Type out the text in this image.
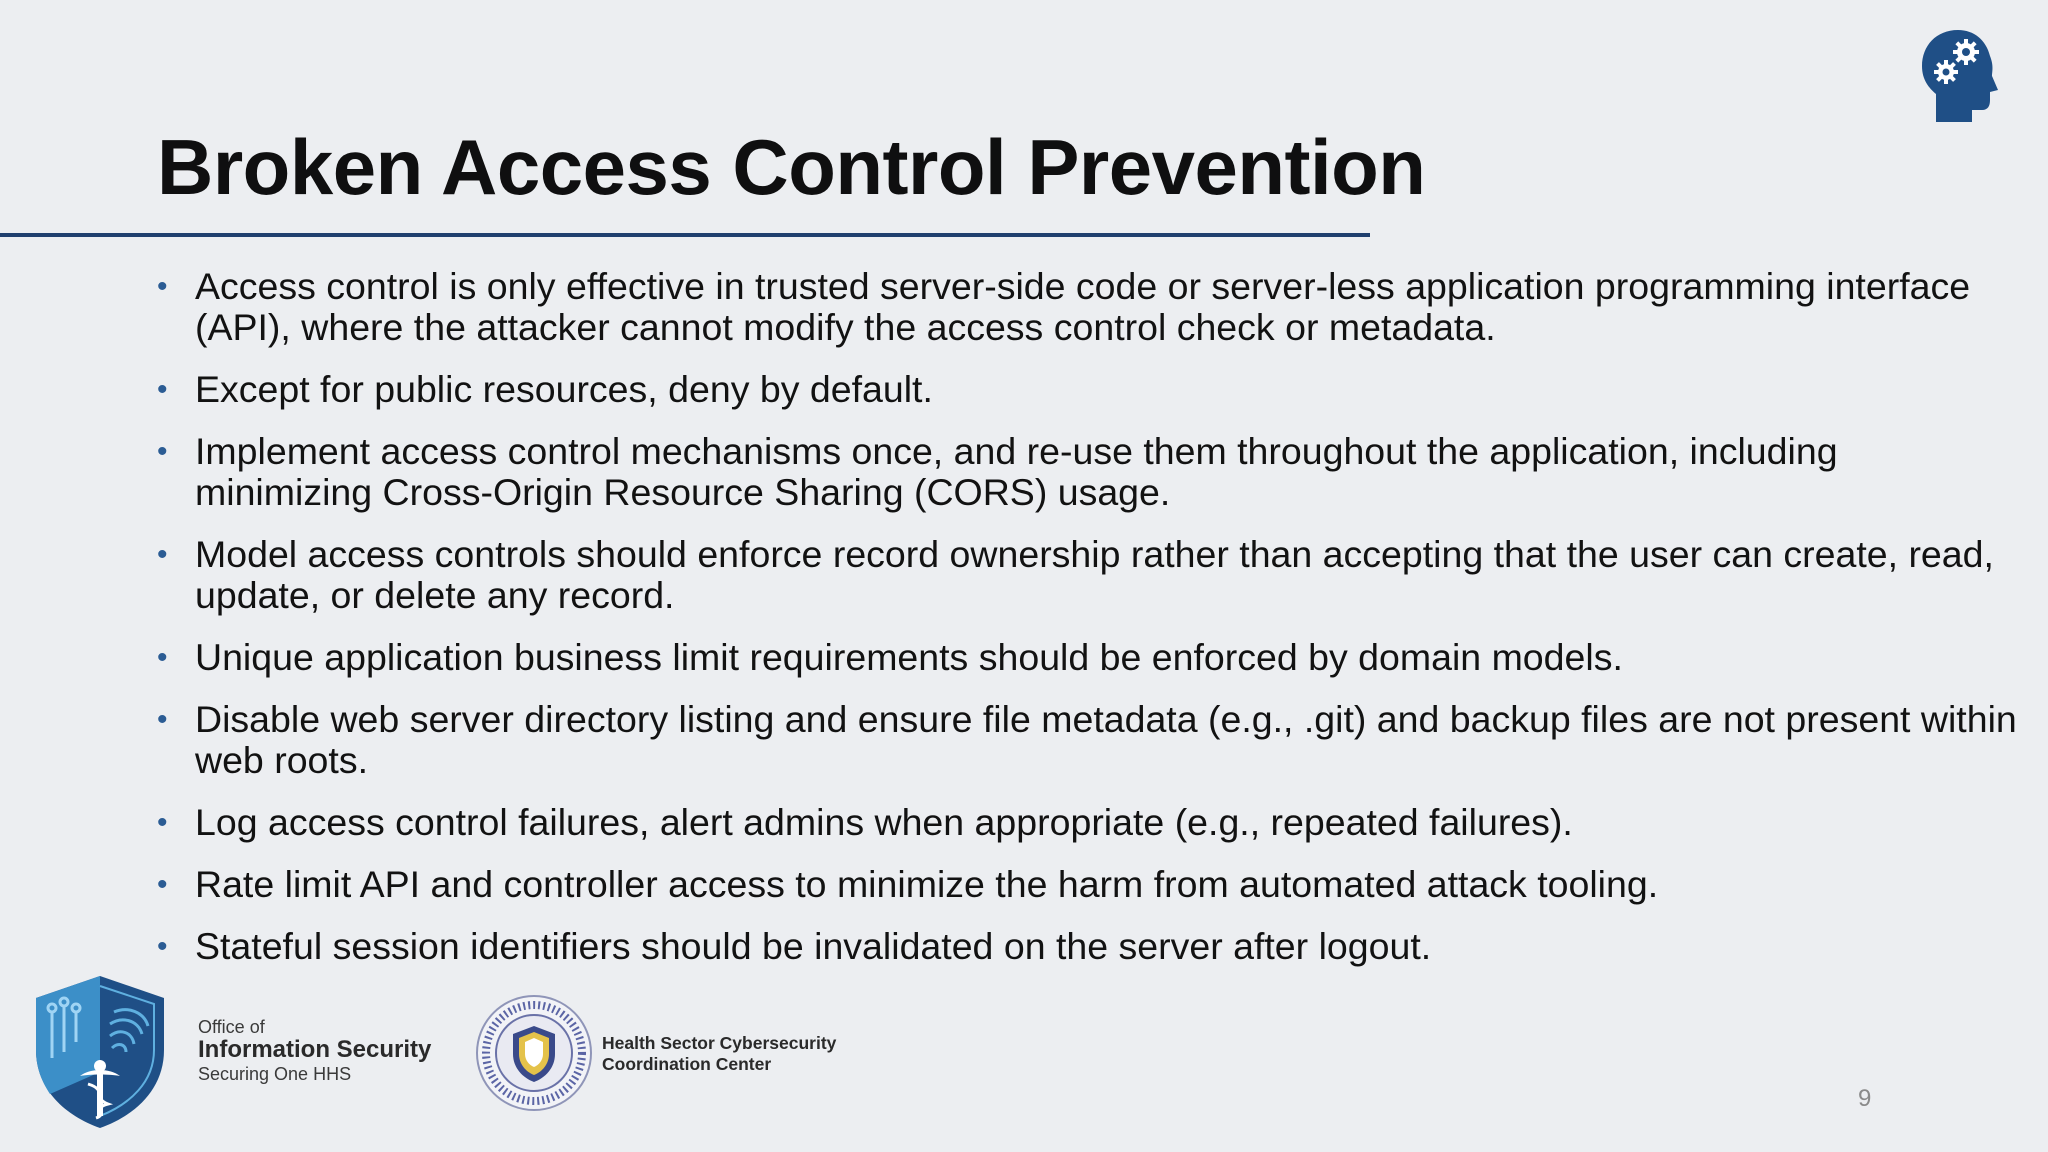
Broken Access Control Prevention
• Access control is only effective in trusted server-side code or server-less application programming interface (API), where the attacker cannot modify the access control check or metadata.
• Except for public resources, deny by default.
• Implement access control mechanisms once, and re-use them throughout the application, including minimizing Cross-Origin Resource Sharing (CORS) usage.
• Model access controls should enforce record ownership rather than accepting that the user can create, read, update, or delete any record.
• Unique application business limit requirements should be enforced by domain models.
• Disable web server directory listing and ensure file metadata (e.g., .git) and backup files are not present within web roots.
• Log access control failures, alert admins when appropriate (e.g., repeated failures).
• Rate limit API and controller access to minimize the harm from automated attack tooling.
• Stateful session identifiers should be invalidated on the server after logout.
Office of
Information Security
Securing One HHS
Health Sector Cybersecurity
Coordination Center
9
